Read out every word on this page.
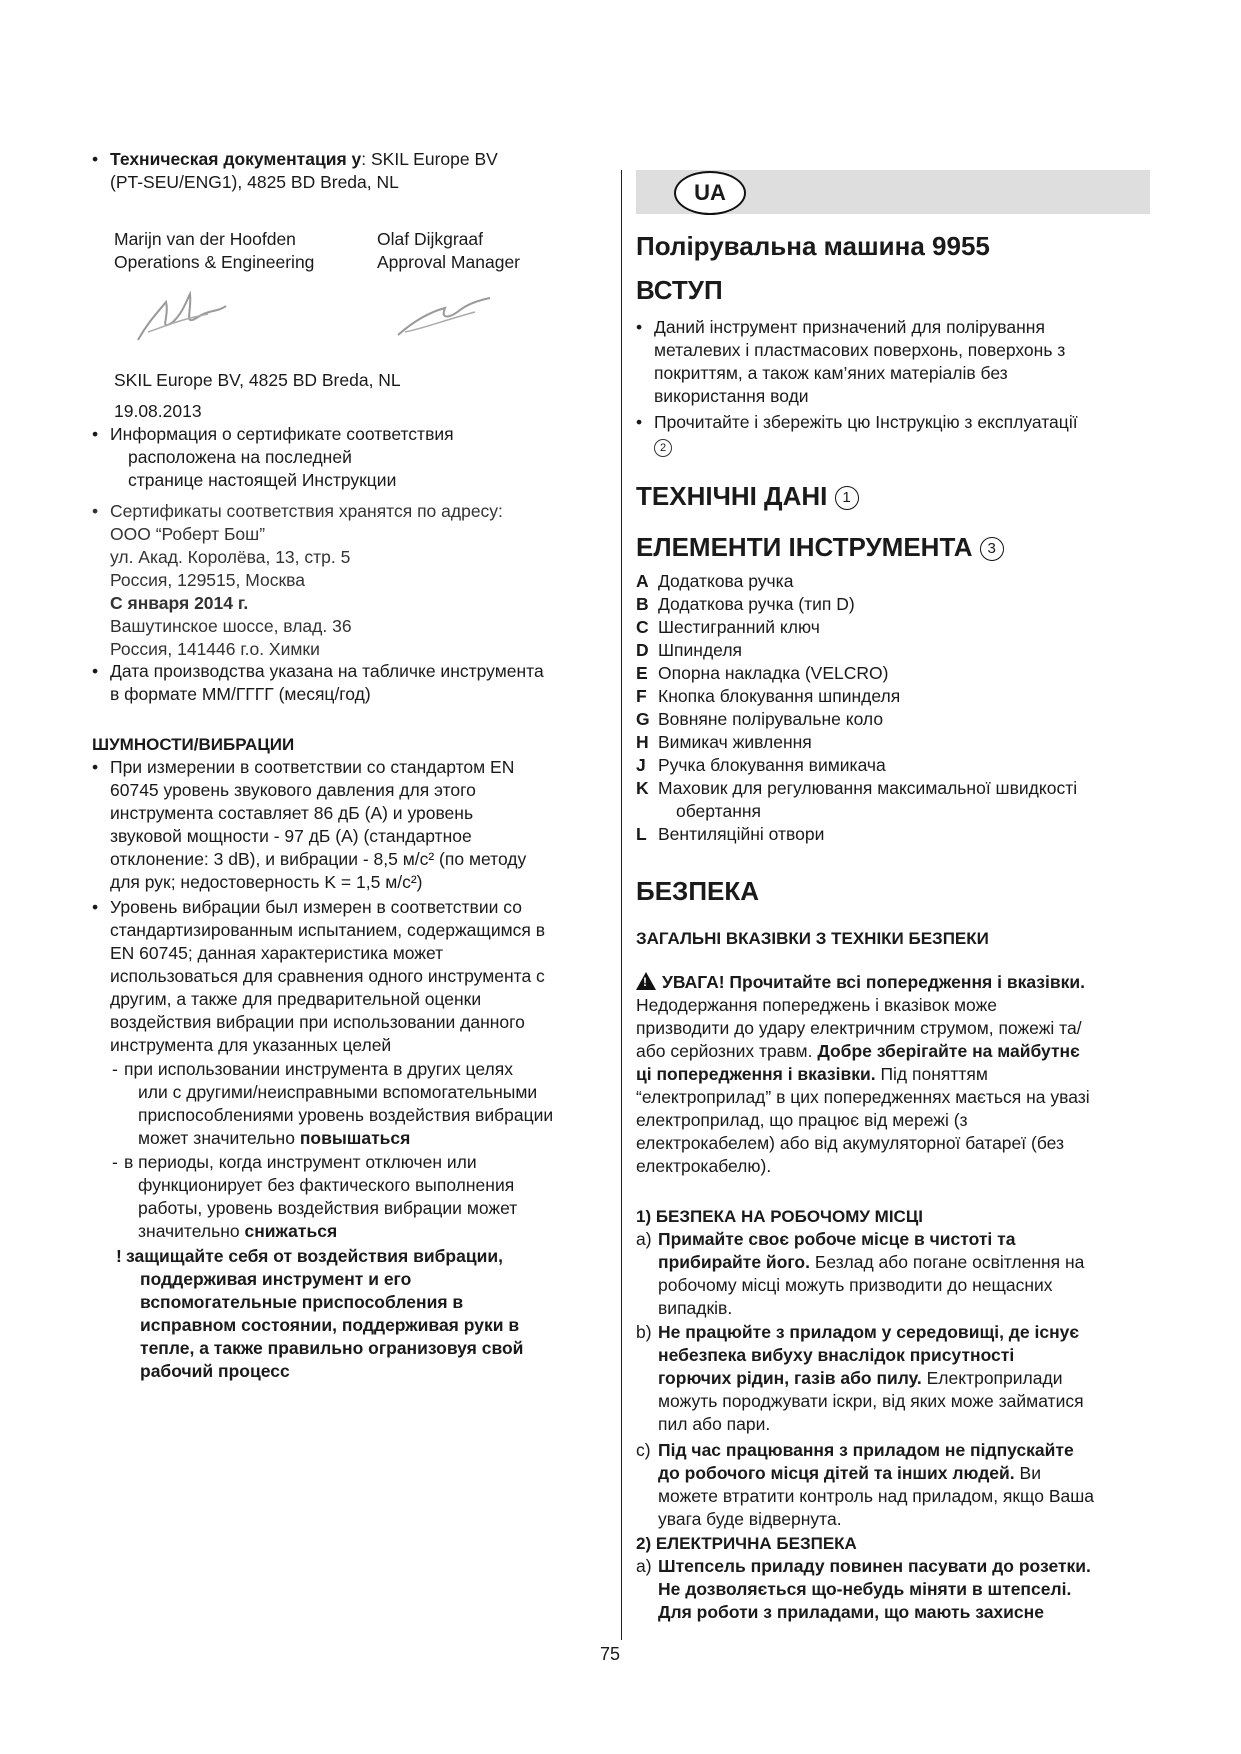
• Техническая документация у: SKIL Europe BV
(PT-SEU/ENG1), 4825 BD Breda, NL
Marijn van der Hoofden
Operations & Engineering
Olaf Dijkgraaf
Approval Manager
SKIL Europe BV, 4825 BD Breda, NL
19.08.2013
• Информация о сертификате соответствия
расположена на последней
странице настоящей Инструкции
• Сертификаты соответствия хранятся по адресу:
ООО “Роберт Бош”
ул. Акад. Королёва, 13, стр. 5
Россия, 129515, Москва
С января 2014 г.
Вашутинское шоссе, влад. 36
Россия, 141446 г.о. Химки
• Дата производства указана на табличке инструмента
в формате ММ/ГГГГ (месяц/год)
ШУМНОСТИ/ВИБРАЦИИ
• При измерении в соответствии со стандартом EN
60745 уровень звукового давления для этого
инструмента составляет 86 дБ (A) и уровень
звуковой мощности - 97 дБ (A) (стандартное
отклонение: 3 dB), и вибрации - 8,5 м/с² (по методу
для рук; недостоверность K = 1,5 м/с²)
• Уровень вибрации был измерен в соответствии со
стандартизированным испытанием, содержащимся в
EN 60745; данная характеристика может
использоваться для сравнения одного инструмента с
другим, а также для предварительной оценки
воздействия вибрации при использовании данного
инструмента для указанных целей
- при использовании инструмента в других целях
или с другими/неисправными вспомогательными
приспособлениями уровень воздействия вибрации
может значительно повышаться
- в периоды, когда инструмент отключен или
функционирует без фактического выполнения
работы, уровень воздействия вибрации может
значительно снижаться
! защищайте себя от воздействия вибрации,
поддерживая инструмент и его
вспомогательные приспособления в
исправном состоянии, поддерживая руки в
тепле, а также правильно огранизовуя свой
рабочий процесс
UA
Полірувальна машина 9955
ВСТУП
• Даний інструмент призначений для полірування
металевих і пластмасових поверхонь, поверхонь з
покриттям, а також кам’яних матеріалів без
використання води
• Прочитайте і збережіть цю Інструкцію з експлуатації
2
ТЕХНІЧНІ ДАНІ 1
ЕЛЕМЕНТИ ІНСТРУМЕНТА 3
A Додаткова ручка
B Додаткова ручка (тип D)
C Шестигранний ключ
D Шпинделя
E Опорна накладка (VELCRO)
F Кнопка блокування шпинделя
G Вовняне полірувальне коло
H Вимикач живлення
J Ручка блокування вимикача
K Маховик для регулювання максимальної швидкості
обертання
L Вентиляційні отвори
БЕЗПЕКА
ЗАГАЛЬНІ ВКАЗІВКИ З ТЕХНІКИ БЕЗПЕКИ
! УВАГА! Прочитайте всі попередження і вказівки.
Недодержання попереджень і вказівок може
призводити до удару електричним струмом, пожежі та/
або серйозних травм. Добре зберігайте на майбутнє
ці попередження і вказівки. Під поняттям
“електроприлад” в цих попередженнях мається на увазі
електроприлад, що працює від мережі (з
електрокабелем) або від акумуляторної батареї (без
електрокабелю).
1) БЕЗПЕКА НА РОБОЧОМУ МІСЦІ
a) Примайте своє робоче місце в чистоті та
прибирайте його. Безлад або погане освітлення на
робочому місці можуть призводити до нещасних
випадків.
b) Не працюйте з приладом у середовищі, де існує
небезпека вибуху внаслідок присутності
горючих рідин, газів або пилу. Електроприлади
можуть породжувати іскри, від яких може займатися
пил або пари.
c) Під час працювання з приладом не підпускайте
до робочого місця дітей та інших людей. Ви
можете втратити контроль над приладом, якщо Ваша
увага буде відвернута.
2) ЕЛЕКТРИЧНА БЕЗПЕКА
a) Штепсель приладу повинен пасувати до розетки.
Не дозволяється що-небудь міняти в штепселі.
Для роботи з приладами, що мають захисне
75
